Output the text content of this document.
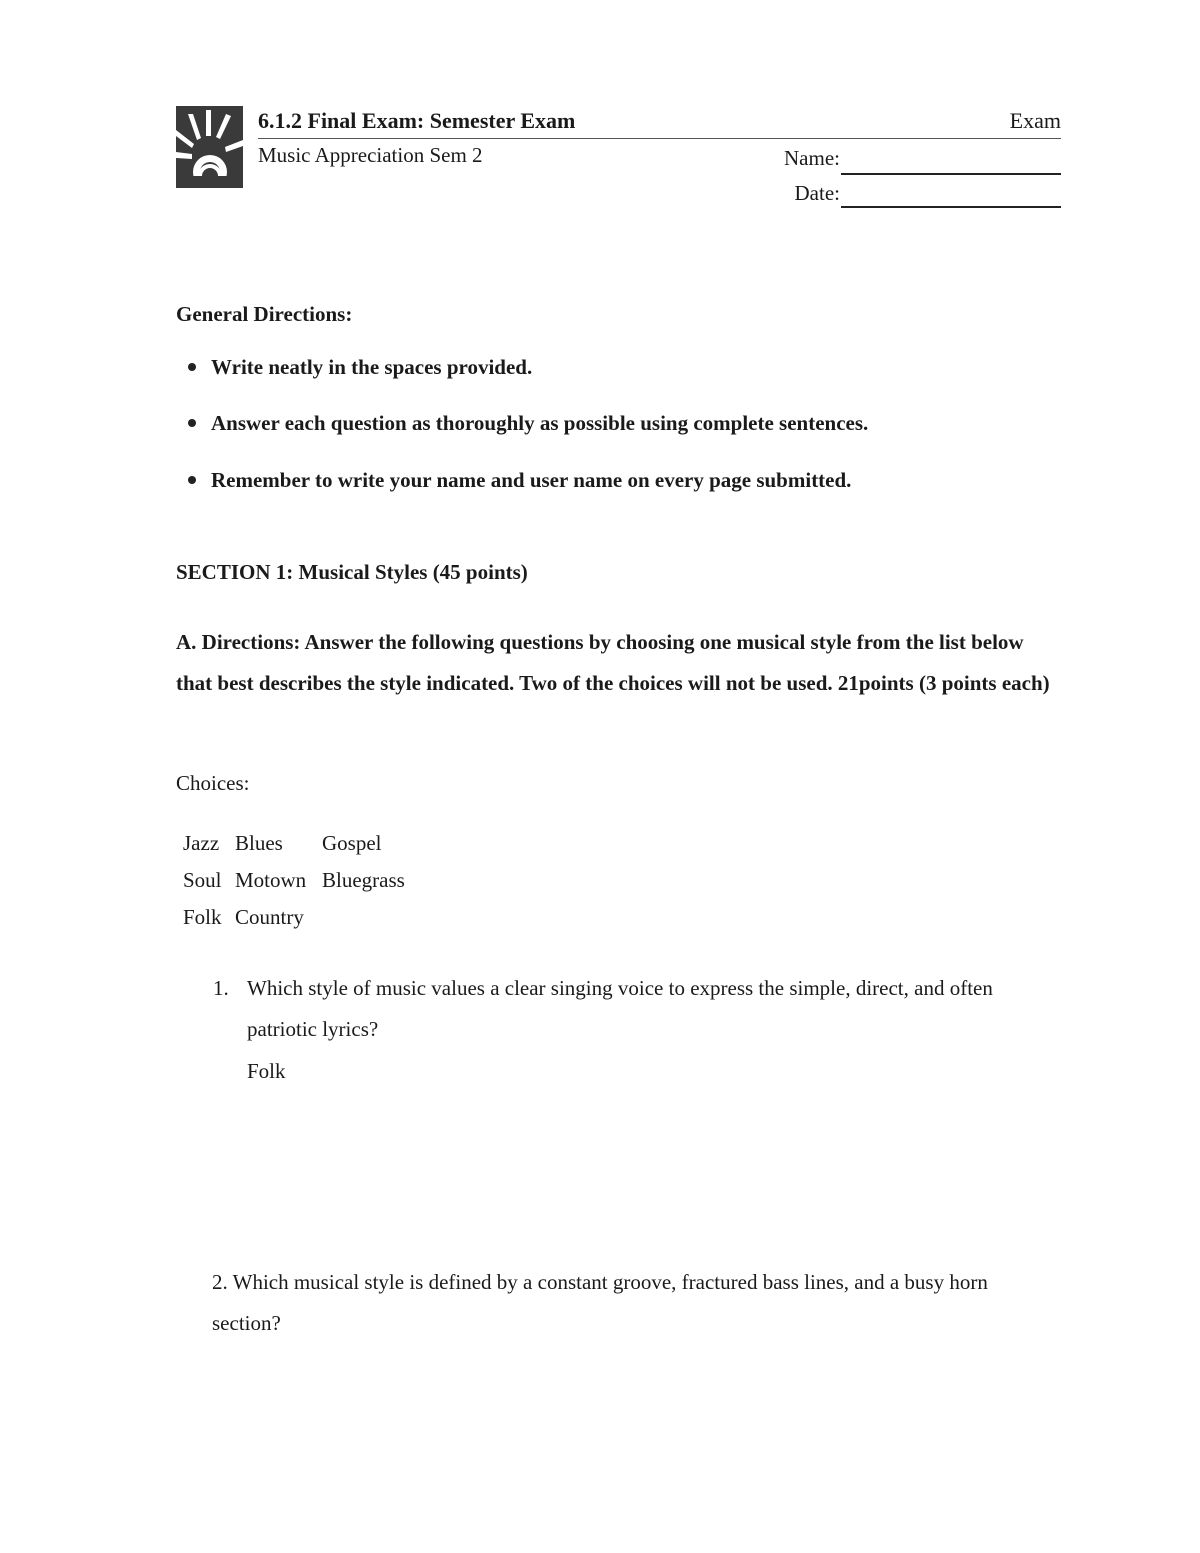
6.1.2 Final Exam: Semester Exam	Exam
Music Appreciation Sem 2	Name:
Date:
General Directions:
Write neatly in the spaces provided.
Answer each question as thoroughly as possible using complete sentences.
Remember to write your name and user name on every page submitted.
SECTION 1: Musical Styles (45 points)
A. Directions: Answer the following questions by choosing one musical style from the list below that best describes the style indicated. Two of the choices will not be used. 21points (3 points each)
Choices:
Jazz Blues Gospel
Soul Motown Bluegrass
Folk Country
1. Which style of music values a clear singing voice to express the simple, direct, and often patriotic lyrics?
Folk
2. Which musical style is defined by a constant groove, fractured bass lines, and a busy horn section?
